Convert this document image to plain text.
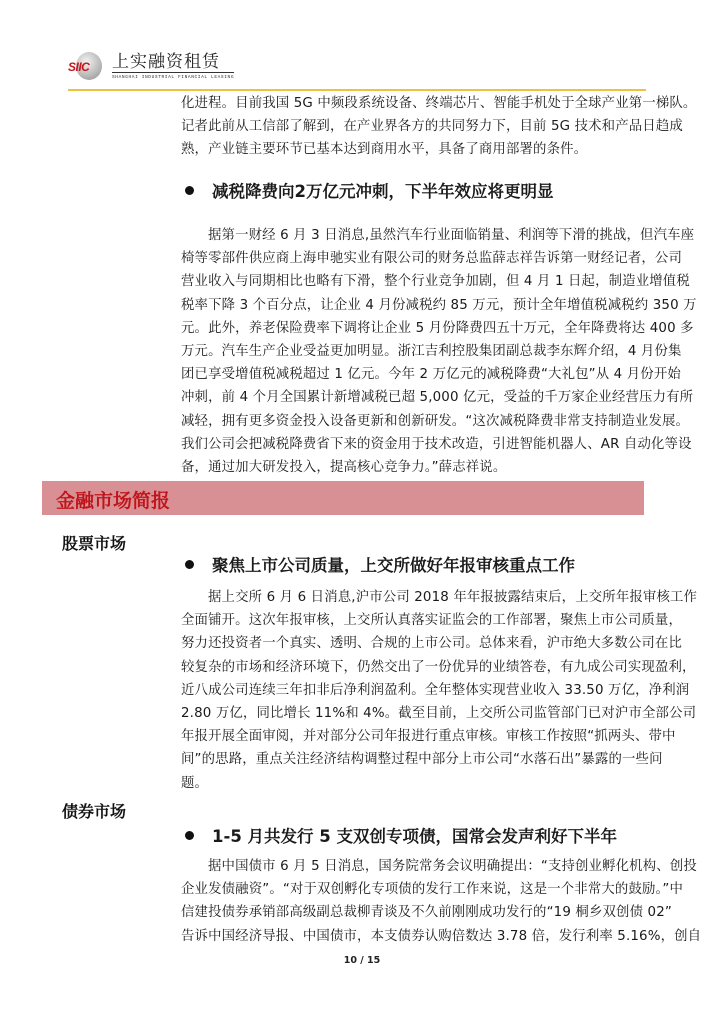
SIIC 上实融资租赁
SHANGHAI INDUSTRIAL FINANCIAL LEASING
化进程。目前我国 5G 中频段系统设备、终端芯片、智能手机处于全球产业第一梯队。
记者此前从工信部了解到，在产业界各方的共同努力下，目前 5G 技术和产品日趋成
熟，产业链主要环节已基本达到商用水平，具备了商用部署的条件。
减税降费向2万亿元冲刺，下半年效应将更明显
据第一财经 6 月 3 日消息,虽然汽车行业面临销量、利润等下滑的挑战，但汽车座
椅等零部件供应商上海申驰实业有限公司的财务总监薛志祥告诉第一财经记者，公司
营业收入与同期相比也略有下滑，整个行业竞争加剧，但 4 月 1 日起，制造业增值税
税率下降 3 个百分点，让企业 4 月份减税约 85 万元，预计全年增值税减税约 350 万
元。此外，养老保险费率下调将让企业 5 月份降费四五十万元，全年降费将达 400 多
万元。汽车生产企业受益更加明显。浙江吉利控股集团副总裁李东辉介绍，4 月份集
团已享受增值税减税超过 1 亿元。今年 2 万亿元的减税降费“大礼包”从 4 月份开始
冲刺，前 4 个月全国累计新增减税已超 5,000 亿元，受益的千万家企业经营压力有所
减轻，拥有更多资金投入设备更新和创新研发。“这次减税降费非常支持制造业发展。
我们公司会把减税降费省下来的资金用于技术改造，引进智能机器人、AR 自动化等设
备，通过加大研发投入，提高核心竞争力。”薛志祥说。
金融市场简报
股票市场
聚焦上市公司质量，上交所做好年报审核重点工作
据上交所 6 月 6 日消息,沪市公司 2018 年年报披露结束后，上交所年报审核工作
全面铺开。这次年报审核，上交所认真落实证监会的工作部署，聚焦上市公司质量，
努力还投资者一个真实、透明、合规的上市公司。总体来看，沪市绝大多数公司在比
较复杂的市场和经济环境下，仍然交出了一份优异的业绩答卷，有九成公司实现盈利，
近八成公司连续三年扣非后净利润盈利。全年整体实现营业收入 33.50 万亿，净利润
2.80 万亿，同比增长 11%和 4%。截至目前，上交所公司监管部门已对沪市全部公司
年报开展全面审阅，并对部分公司年报进行重点审核。审核工作按照“抓两头、带中
间”的思路，重点关注经济结构调整过程中部分上市公司“水落石出”暴露的一些问
题。
债券市场
1-5 月共发行 5 支双创专项债，国常会发声利好下半年
据中国债市 6 月 5 日消息，国务院常务会议明确提出：“支持创业孵化机构、创投
企业发债融资”。“对于双创孵化专项债的发行工作来说，这是一个非常大的鼓励。”中
信建投债券承销部高级副总裁柳青谈及不久前刚刚成功发行的“19 桐乡双创债 02”
告诉中国经济导报、中国债市，本支债券认购倍数达 3.78 倍，发行利率 5.16%，创自
10 / 15
